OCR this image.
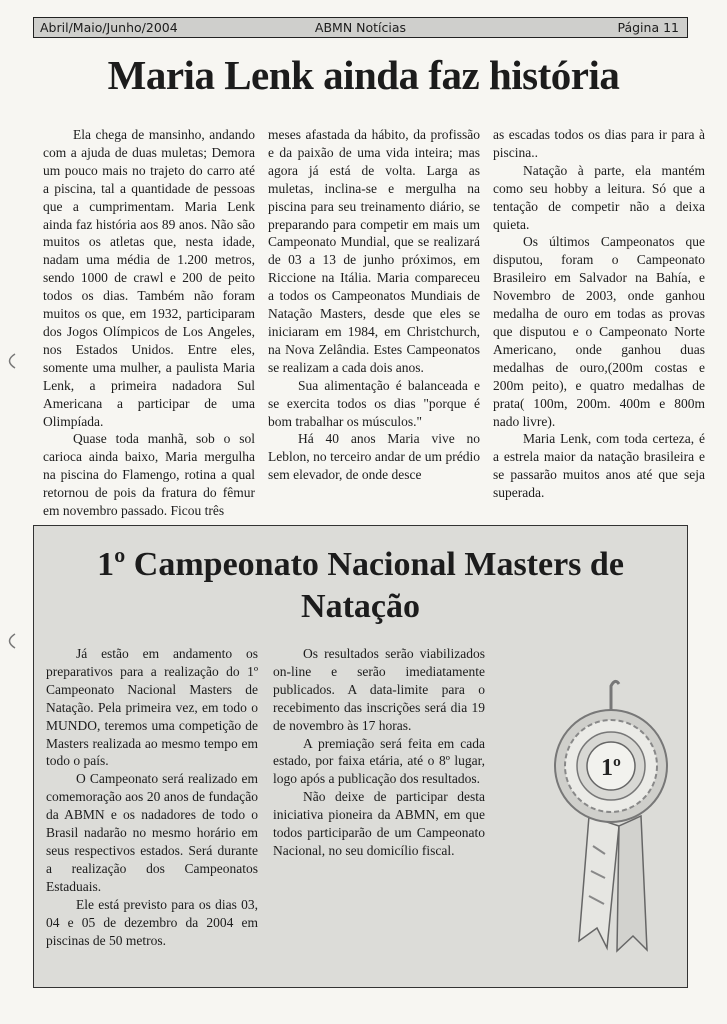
Abril/Maio/Junho/2004	ABMN Notícias	Página 11
Maria Lenk ainda faz história

Ela chega de mansinho, andando com a ajuda de duas muletas; Demora um pouco mais no trajeto do carro até a piscina, tal a quantidade de pessoas que a cumprimentam. Maria Lenk ainda faz história aos 89 anos. Não são muitos os atletas que, nesta idade, nadam uma média de 1.200 metros, sendo 1000 de crawl e 200 de peito todos os dias. Também não foram muitos os que, em 1932, participaram dos Jogos Olímpicos de Los Angeles, nos Estados Unidos. Entre eles, somente uma mulher, a paulista Maria Lenk, a primeira nadadora Sul Americana a participar de uma Olimpíada.

Quase toda manhã, sob o sol carioca ainda baixo, Maria mergulha na piscina do Flamengo, rotina a qual retornou de pois da fratura do fêmur em novembro passado. Ficou três

meses afastada da hábito, da profissão e da paixão de uma vida inteira; mas agora já está de volta. Larga as muletas, inclina-se e mergulha na piscina para seu treinamento diário, se preparando para competir em mais um Campeonato Mundial, que se realizará de 03 a 13 de junho próximos, em Riccione na Itália. Maria compareceu a todos os Campeonatos Mundiais de Natação Masters, desde que eles se iniciaram em 1984, em Christchurch, na Nova Zelândia. Estes Campeonatos se realizam a cada dois anos.

Sua alimentação é balanceada e se exercita todos os dias "porque é bom trabalhar os músculos."

Há 40 anos Maria vive no Leblon, no terceiro andar de um prédio sem elevador, de onde desce

as escadas todos os dias para ir para à piscina..

Natação à parte, ela mantém como seu hobby a leitura. Só que a tentação de competir não a deixa quieta.

Os últimos Campeonatos que disputou, foram o Campeonato Brasileiro em Salvador na Bahía, e Novembro de 2003, onde ganhou medalha de ouro em todas as provas que disputou e o Campeonato Norte Americano, onde ganhou duas medalhas de ouro,(200m costas e 200m peito), e quatro medalhas de prata( 100m, 200m. 400m e 800m nado livre).

Maria Lenk, com toda certeza, é a estrela maior da natação brasileira e se passarão muitos anos até que seja superada.

1º Campeonato Nacional Masters de
Natação

Já estão em andamento os preparativos para a realização do 1º Campeonato Nacional Masters de Natação. Pela primeira vez, em todo o MUNDO, teremos uma competição de Masters realizada ao mesmo tempo em todo o país.

O Campeonato será realizado em comemoração aos 20 anos de fundação da ABMN e os nadadores de todo o Brasil nadarão no mesmo horário em seus respectivos estados. Será durante a realização dos Campeonatos Estaduais.

Ele está previsto para os dias 03, 04 e 05 de dezembro da 2004 em piscinas de 50 metros.

Os resultados serão viabilizados on-line e serão imediatamente publicados. A data-limite para o recebimento das inscrições será dia 19 de novembro às 17 horas.

A premiação será feita em cada estado, por faixa etária, até o 8º lugar, logo após a publicação dos resultados.

Não deixe de participar desta iniciativa pioneira da ABMN, em que todos participarão de um Campeonato Nacional, no seu domicílio fiscal.

1º
